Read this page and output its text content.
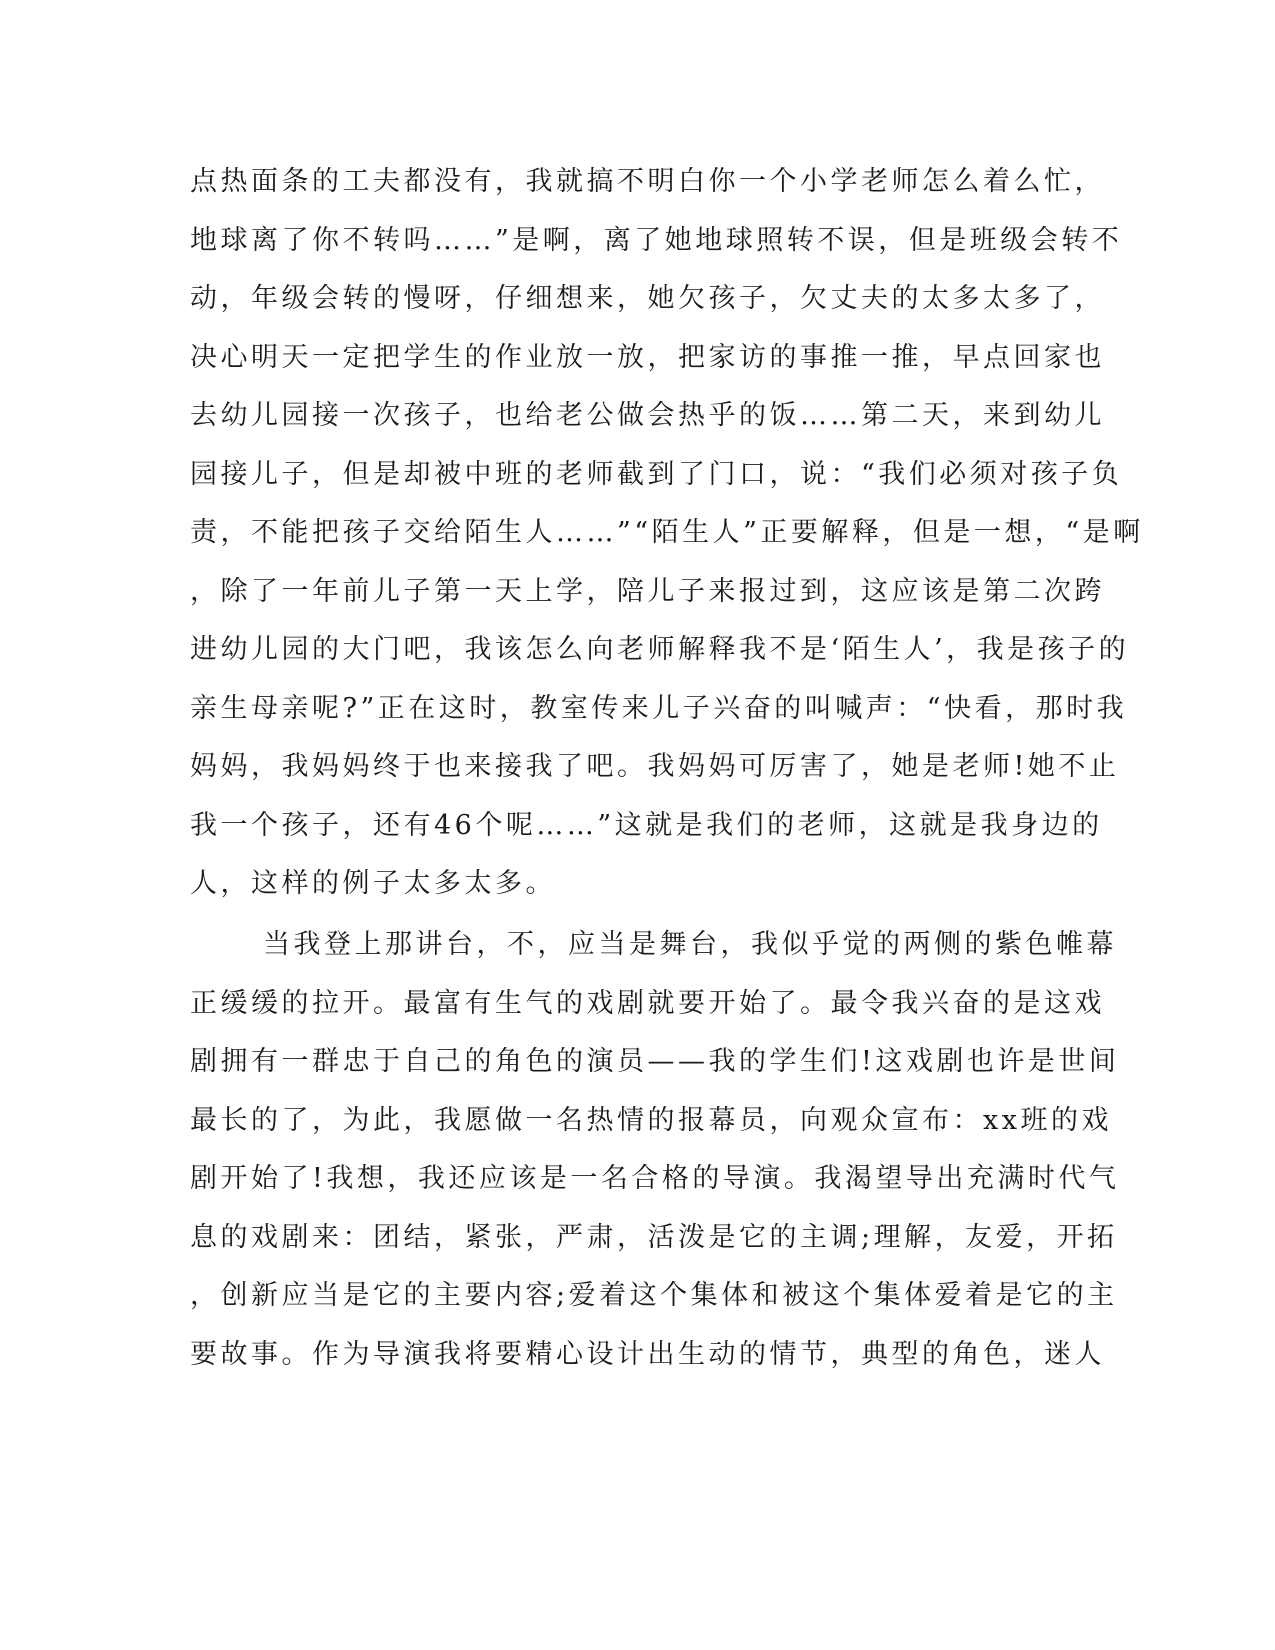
点热面条的工夫都没有，我就搞不明白你一个小学老师怎么着么忙，
地球离了你不转吗……”是啊，离了她地球照转不误，但是班级会转不
动，年级会转的慢呀，仔细想来，她欠孩子，欠丈夫的太多太多了，
决心明天一定把学生的作业放一放，把家访的事推一推，早点回家也
去幼儿园接一次孩子，也给老公做会热乎的饭……第二天，来到幼儿
园接儿子，但是却被中班的老师截到了门口，说：“我们必须对孩子负
责，不能把孩子交给陌生人……”“陌生人”正要解释，但是一想，“是啊
，除了一年前儿子第一天上学，陪儿子来报过到，这应该是第二次跨
进幼儿园的大门吧，我该怎么向老师解释我不是‘陌生人’，我是孩子的
亲生母亲呢?”正在这时，教室传来儿子兴奋的叫喊声：“快看，那时我
妈妈，我妈妈终于也来接我了吧。我妈妈可厉害了，她是老师!她不止
我一个孩子，还有46个呢……”这就是我们的老师，这就是我身边的
人，这样的例子太多太多。
当我登上那讲台，不，应当是舞台，我似乎觉的两侧的紫色帷幕
正缓缓的拉开。最富有生气的戏剧就要开始了。最令我兴奋的是这戏
剧拥有一群忠于自己的角色的演员——我的学生们!这戏剧也许是世间
最长的了，为此，我愿做一名热情的报幕员，向观众宣布：xx班的戏
剧开始了!我想，我还应该是一名合格的导演。我渴望导出充满时代气
息的戏剧来：团结，紧张，严肃，活泼是它的主调;理解，友爱，开拓
，创新应当是它的主要内容;爱着这个集体和被这个集体爱着是它的主
要故事。作为导演我将要精心设计出生动的情节，典型的角色，迷人
